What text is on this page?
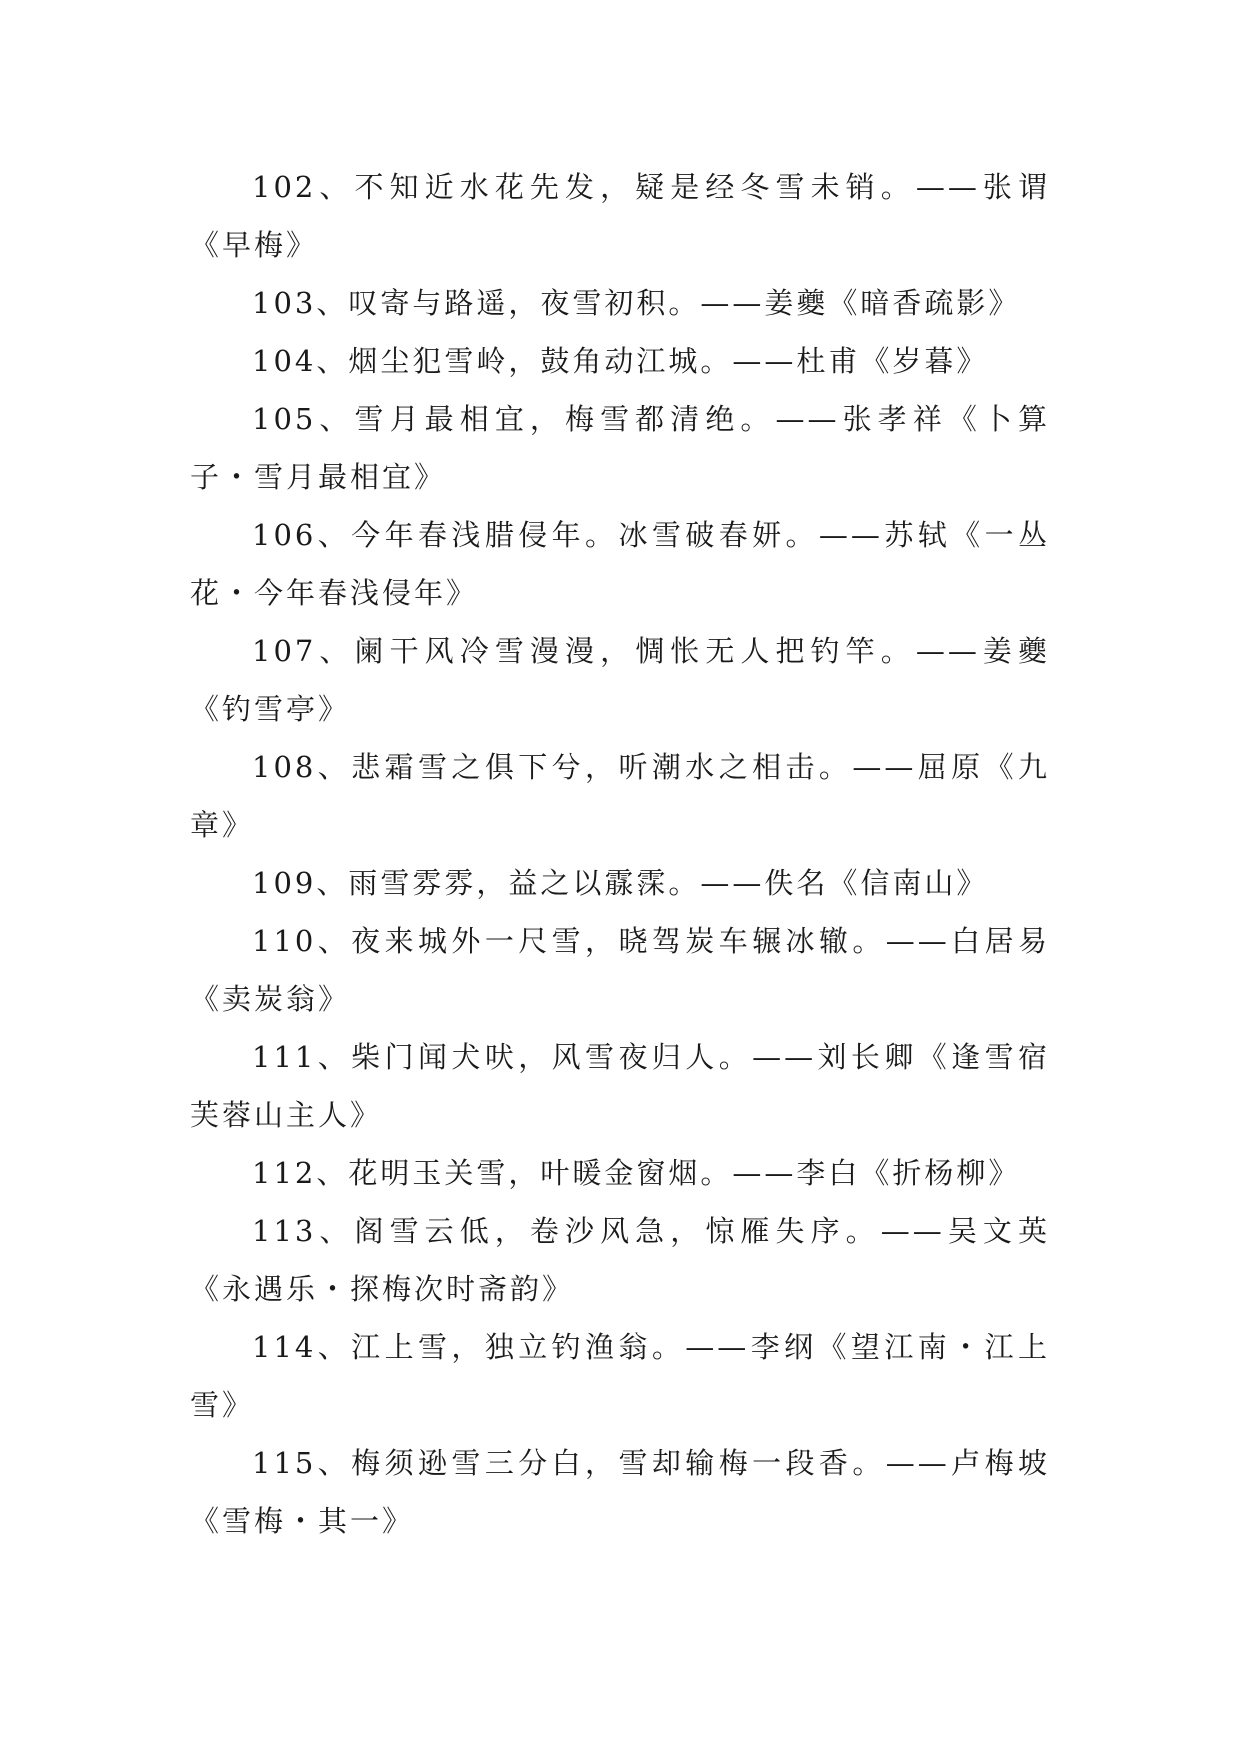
102、不知近水花先发，疑是经冬雪未销。——张谓《早梅》

103、叹寄与路遥，夜雪初积。——姜夔《暗香疏影》

104、烟尘犯雪岭，鼓角动江城。——杜甫《岁暮》

105、雪月最相宜，梅雪都清绝。——张孝祥《卜算子・雪月最相宜》

106、今年春浅腊侵年。冰雪破春妍。——苏轼《一丛花・今年春浅侵年》

107、阑干风冷雪漫漫，惆怅无人把钓竿。——姜夔《钓雪亭》

108、悲霜雪之俱下兮，听潮水之相击。——屈原《九章》

109、雨雪雰雰，益之以霡霂。——佚名《信南山》

110、夜来城外一尺雪，晓驾炭车辗冰辙。——白居易《卖炭翁》

111、柴门闻犬吠，风雪夜归人。——刘长卿《逢雪宿芙蓉山主人》

112、花明玉关雪，叶暖金窗烟。——李白《折杨柳》

113、阁雪云低，卷沙风急，惊雁失序。——吴文英《永遇乐・探梅次时斋韵》

114、江上雪，独立钓渔翁。——李纲《望江南・江上雪》

115、梅须逊雪三分白，雪却输梅一段香。——卢梅坡《雪梅・其一》
